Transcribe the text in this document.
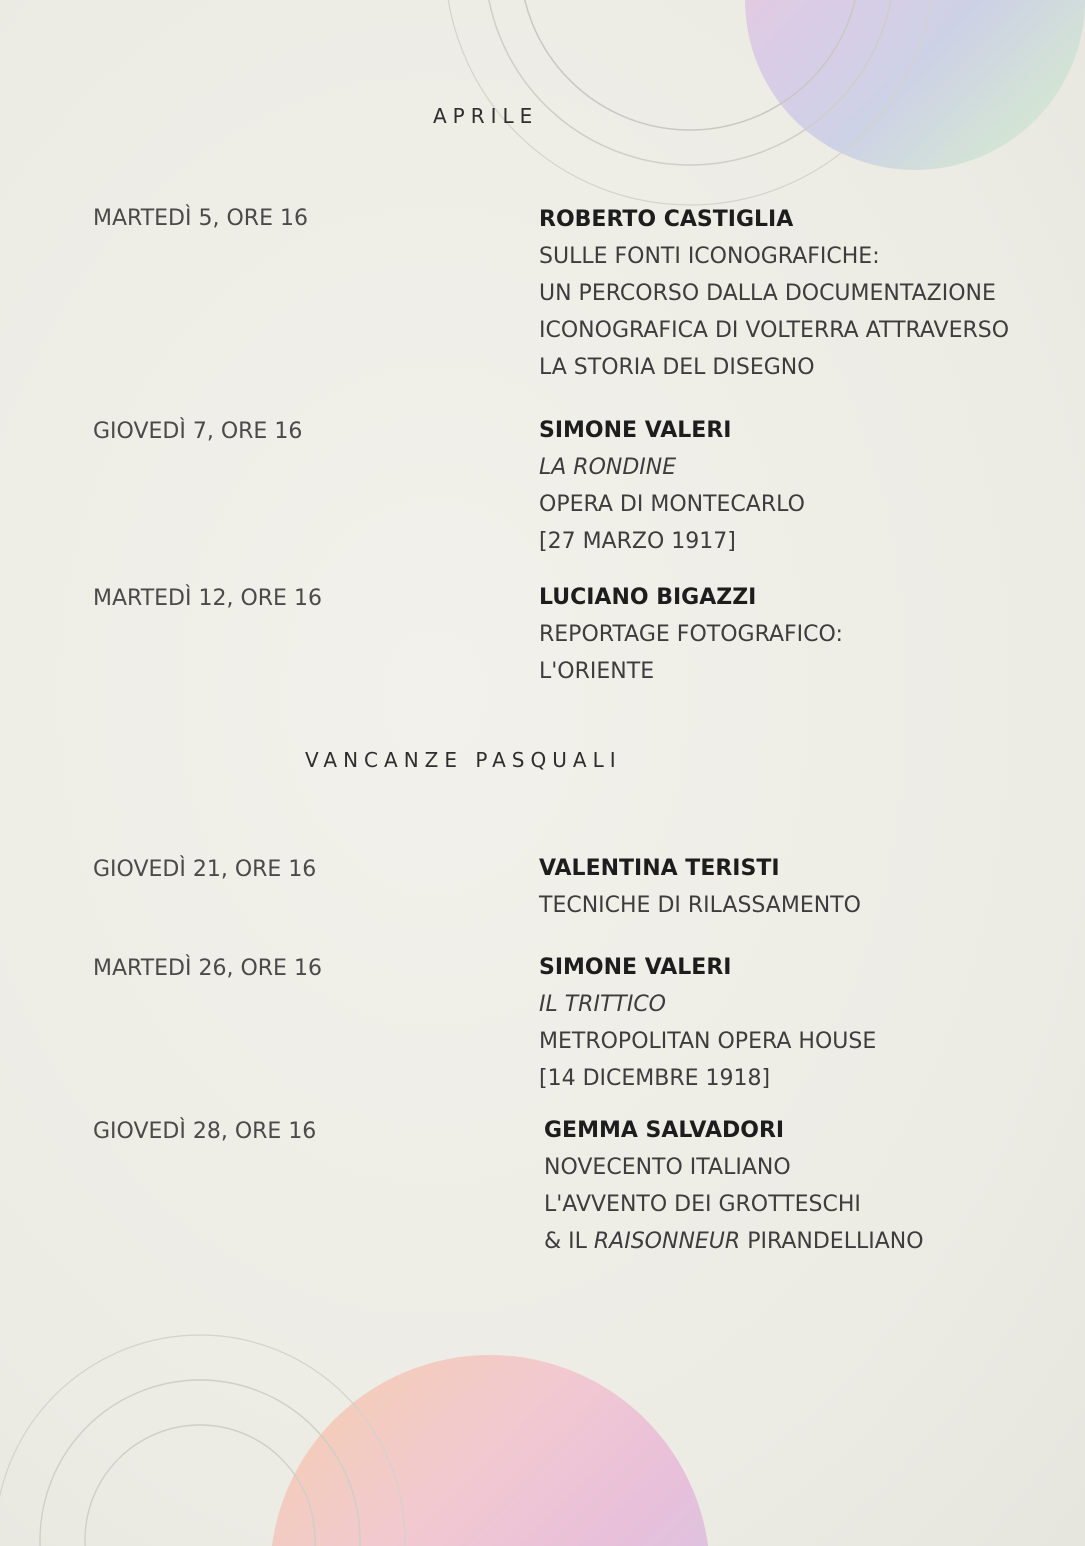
APRILE
MARTEDÌ 5, ORE 16	ROBERTO CASTIGLIA
SULLE FONTI ICONOGRAFICHE:
UN PERCORSO DALLA DOCUMENTAZIONE
ICONOGRAFICA DI VOLTERRA ATTRAVERSO
LA STORIA DEL DISEGNO
GIOVEDÌ 7, ORE 16	SIMONE VALERI
LA RONDINE
OPERA DI MONTECARLO
[27 MARZO 1917]
MARTEDÌ 12, ORE 16	LUCIANO BIGAZZI
REPORTAGE FOTOGRAFICO:
L'ORIENTE
VANCANZE PASQUALI
GIOVEDÌ 21, ORE 16	VALENTINA TERISTI
TECNICHE DI RILASSAMENTO
MARTEDÌ 26, ORE 16	SIMONE VALERI
IL TRITTICO
METROPOLITAN OPERA HOUSE
[14 DICEMBRE 1918]
GIOVEDÌ 28, ORE 16	GEMMA SALVADORI
NOVECENTO ITALIANO
L'AVVENTO DEI GROTTESCHI
& IL RAISONNEUR PIRANDELLIANO
